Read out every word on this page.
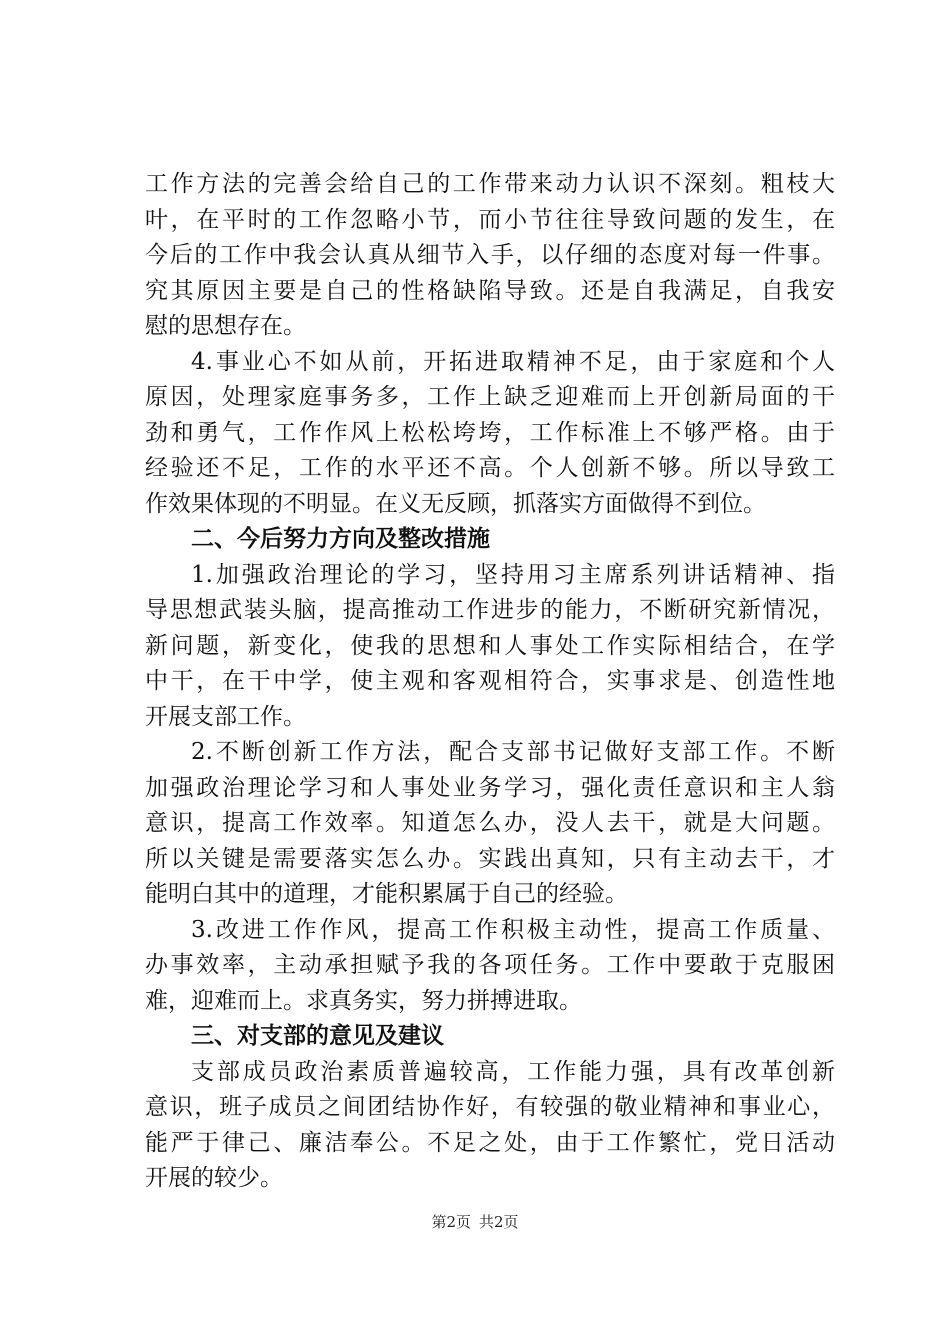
工作方法的完善会给自己的工作带来动力认识不深刻。粗枝大
叶，在平时的工作忽略小节，而小节往往导致问题的发生，在
今后的工作中我会认真从细节入手，以仔细的态度对每一件事。
究其原因主要是自己的性格缺陷导致。还是自我满足，自我安
慰的思想存在。
4.事业心不如从前，开拓进取精神不足，由于家庭和个人
原因，处理家庭事务多，工作上缺乏迎难而上开创新局面的干
劲和勇气，工作作风上松松垮垮，工作标准上不够严格。由于
经验还不足，工作的水平还不高。个人创新不够。所以导致工
作效果体现的不明显。在义无反顾，抓落实方面做得不到位。
二、今后努力方向及整改措施
1.加强政治理论的学习，坚持用习主席系列讲话精神、指
导思想武装头脑，提高推动工作进步的能力，不断研究新情况，
新问题，新变化，使我的思想和人事处工作实际相结合，在学
中干，在干中学，使主观和客观相符合，实事求是、创造性地
开展支部工作。
2.不断创新工作方法，配合支部书记做好支部工作。不断
加强政治理论学习和人事处业务学习，强化责任意识和主人翁
意识，提高工作效率。知道怎么办，没人去干，就是大问题。
所以关键是需要落实怎么办。实践出真知，只有主动去干，才
能明白其中的道理，才能积累属于自己的经验。
3.改进工作作风，提高工作积极主动性，提高工作质量、
办事效率，主动承担赋予我的各项任务。工作中要敢于克服困
难，迎难而上。求真务实，努力拼搏进取。
三、对支部的意见及建议
支部成员政治素质普遍较高，工作能力强，具有改革创新
意识，班子成员之间团结协作好，有较强的敬业精神和事业心，
能严于律己、廉洁奉公。不足之处，由于工作繁忙，党日活动
开展的较少。
第2页 共2页
